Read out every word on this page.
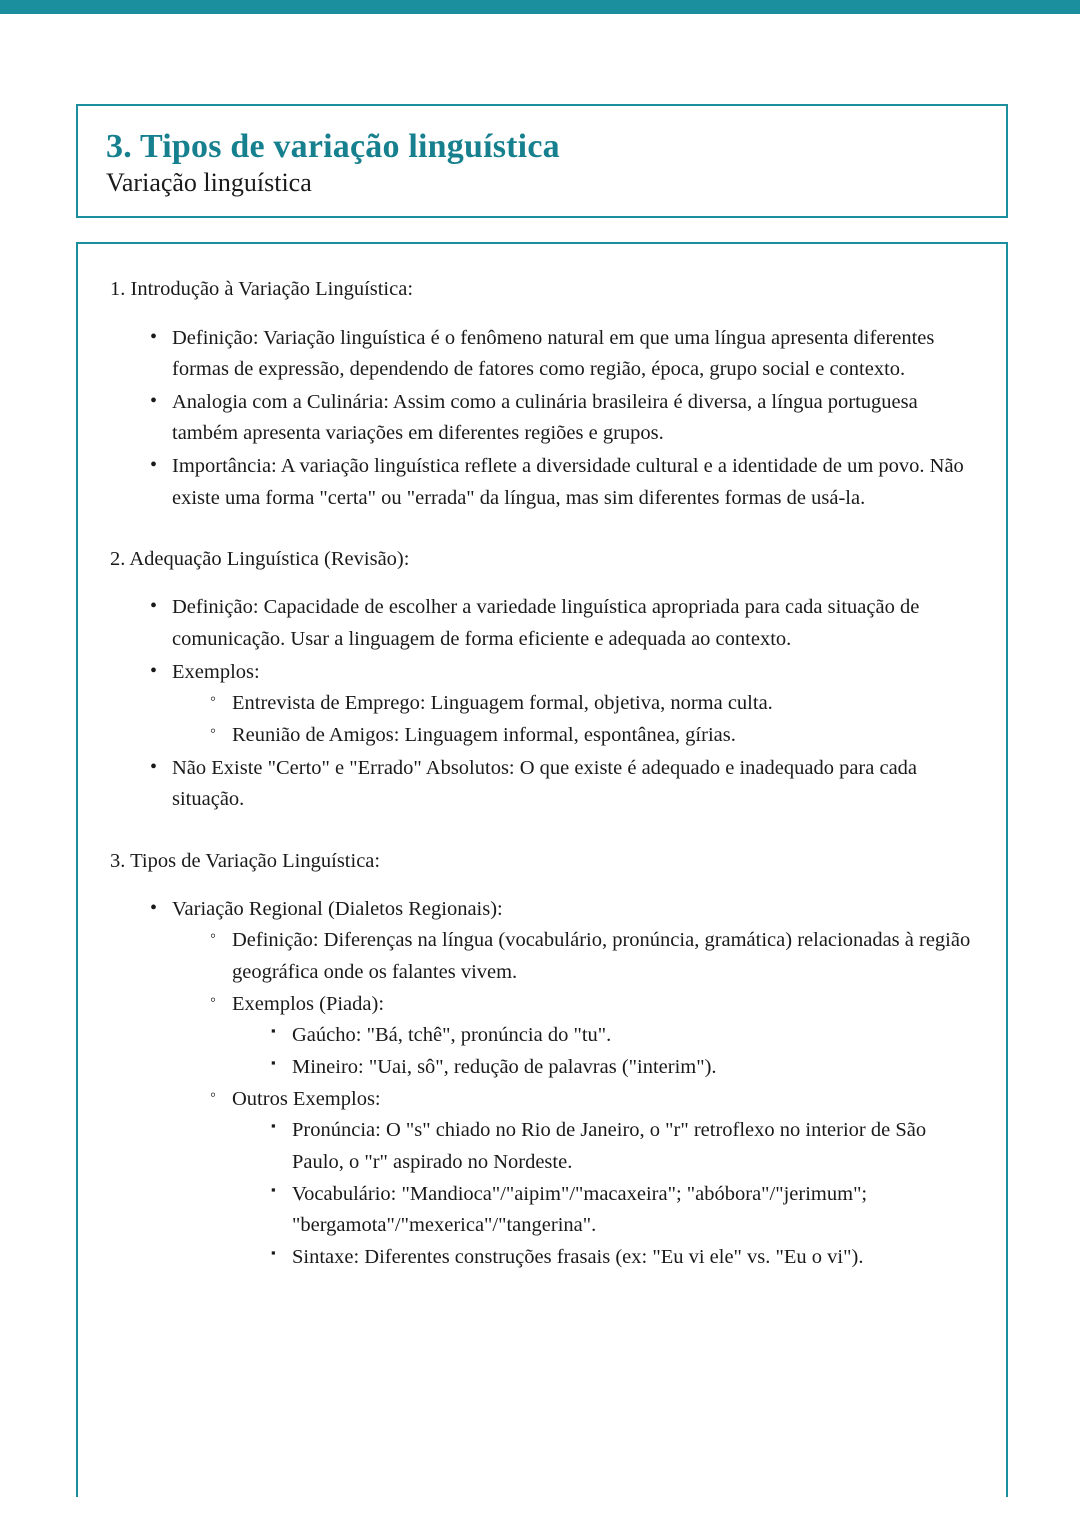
3. Tipos de variação linguística
Variação linguística
1. Introdução à Variação Linguística:
• Definição: Variação linguística é o fenômeno natural em que uma língua apresenta diferentes formas de expressão, dependendo de fatores como região, época, grupo social e contexto.
• Analogia com a Culinária: Assim como a culinária brasileira é diversa, a língua portuguesa também apresenta variações em diferentes regiões e grupos.
• Importância: A variação linguística reflete a diversidade cultural e a identidade de um povo. Não existe uma forma "certa" ou "errada" da língua, mas sim diferentes formas de usá-la.
2. Adequação Linguística (Revisão):
• Definição: Capacidade de escolher a variedade linguística apropriada para cada situação de comunicação. Usar a linguagem de forma eficiente e adequada ao contexto.
• Exemplos:
◦ Entrevista de Emprego: Linguagem formal, objetiva, norma culta.
◦ Reunião de Amigos: Linguagem informal, espontânea, gírias.
• Não Existe "Certo" e "Errado" Absolutos: O que existe é adequado e inadequado para cada situação.
3. Tipos de Variação Linguística:
• Variação Regional (Dialetos Regionais):
◦ Definição: Diferenças na língua (vocabulário, pronúncia, gramática) relacionadas à região geográfica onde os falantes vivem.
◦ Exemplos (Piada):
▪ Gaúcho: "Bá, tchê", pronúncia do "tu".
▪ Mineiro: "Uai, sô", redução de palavras ("interim").
◦ Outros Exemplos:
▪ Pronúncia: O "s" chiado no Rio de Janeiro, o "r" retroflexo no interior de São Paulo, o "r" aspirado no Nordeste.
▪ Vocabulário: "Mandioca"/"aipim"/"macaxeira"; "abóbora"/"jerimum"; "bergamota"/"mexerica"/"tangerina".
▪ Sintaxe: Diferentes construções frasais (ex: "Eu vi ele" vs. "Eu o vi").
